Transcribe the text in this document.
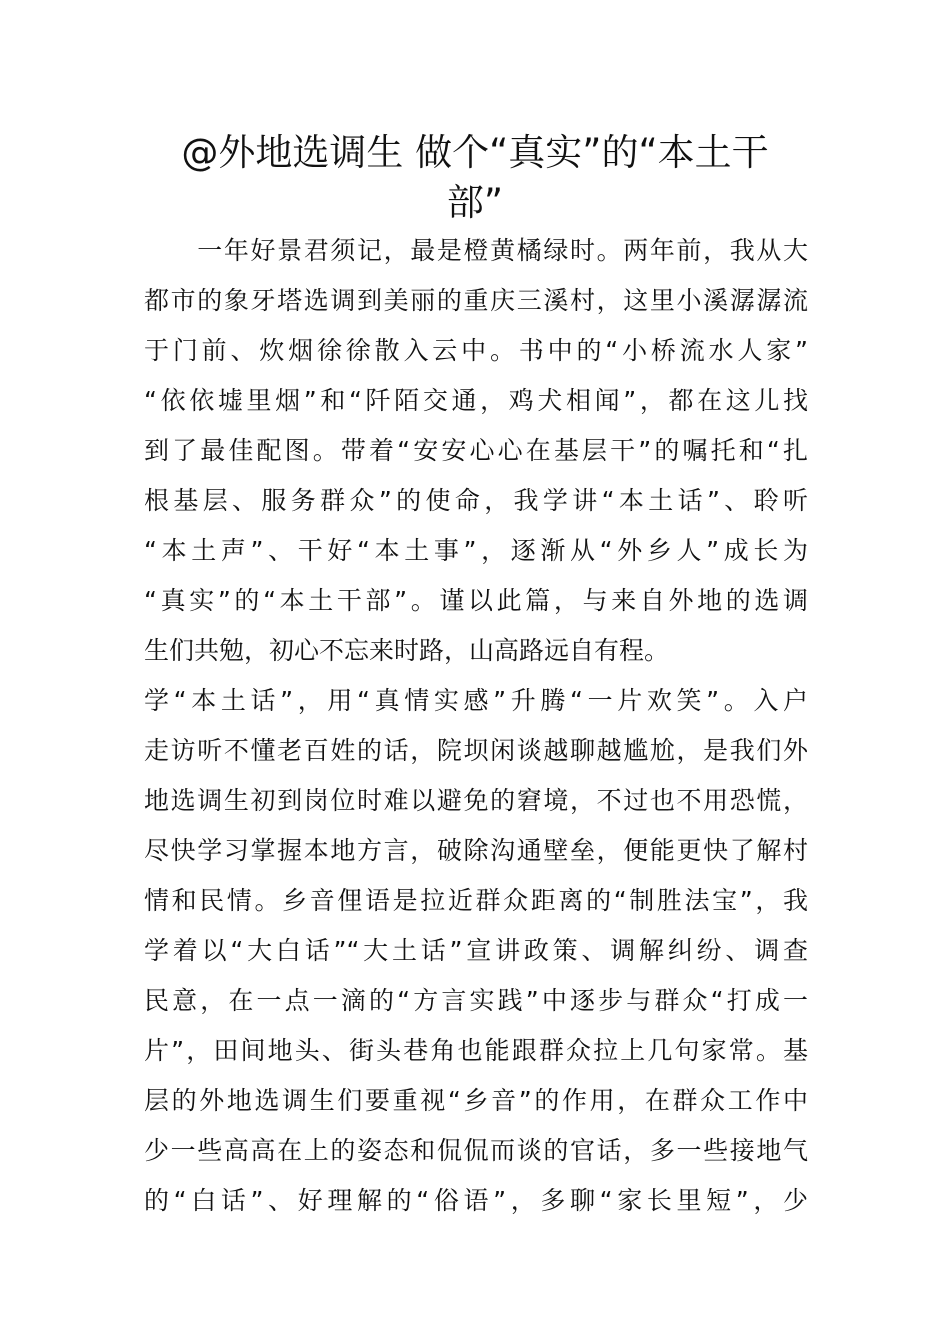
@外地选调生 做个“真实”的“本土干
部”
　　一年好景君须记，最是橙黄橘绿时。两年前，我从大
都市的象牙塔选调到美丽的重庆三溪村，这里小溪潺潺流
于门前、炊烟徐徐散入云中。书中的“小桥流水人家”
“依依墟里烟”和“阡陌交通，鸡犬相闻”，都在这儿找
到了最佳配图。带着“安安心心在基层干”的嘱托和“扎
根基层、服务群众”的使命，我学讲“本土话”、聆听
“本土声”、干好“本土事”，逐渐从“外乡人”成长为
“真实”的“本土干部”。谨以此篇，与来自外地的选调
生们共勉，初心不忘来时路，山高路远自有程。
学“本土话”，用“真情实感”升腾“一片欢笑”。入户
走访听不懂老百姓的话，院坝闲谈越聊越尴尬，是我们外
地选调生初到岗位时难以避免的窘境，不过也不用恐慌，
尽快学习掌握本地方言，破除沟通壁垒，便能更快了解村
情和民情。乡音俚语是拉近群众距离的“制胜法宝”，我
学着以“大白话”“大土话”宣讲政策、调解纠纷、调查
民意，在一点一滴的“方言实践”中逐步与群众“打成一
片”，田间地头、街头巷角也能跟群众拉上几句家常。基
层的外地选调生们要重视“乡音”的作用，在群众工作中
少一些高高在上的姿态和侃侃而谈的官话，多一些接地气
的“白话”、好理解的“俗语”，多聊“家长里短”，少
